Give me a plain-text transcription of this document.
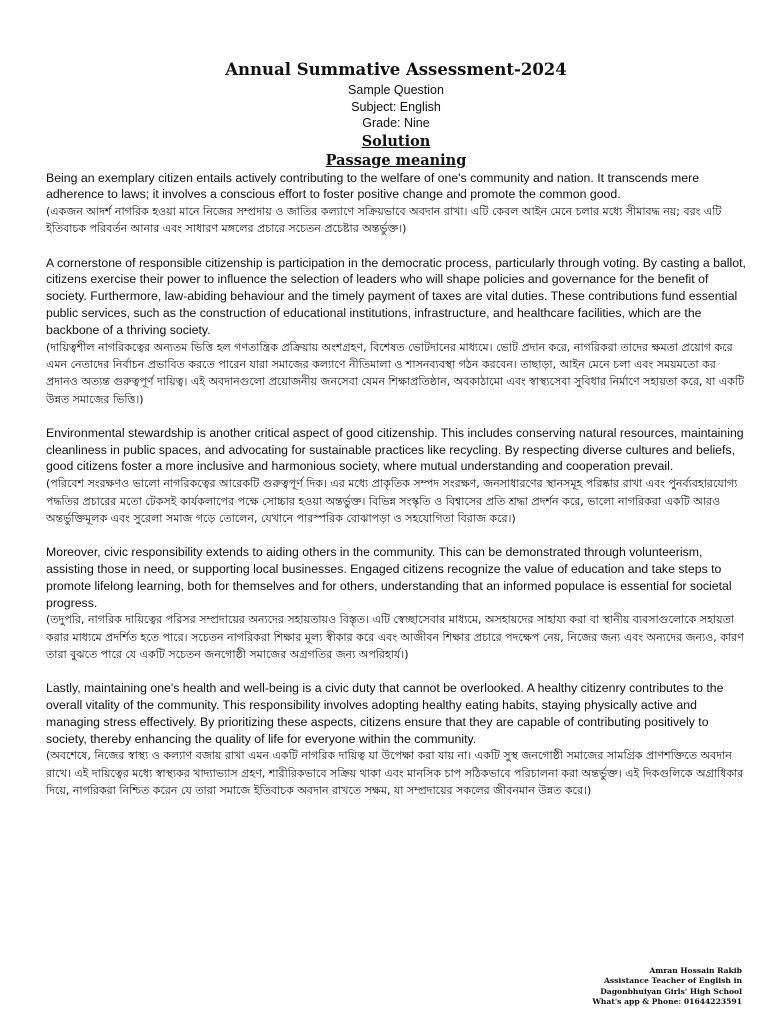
Annual Summative Assessment-2024
Sample Question
Subject: English
Grade: Nine
Solution
Passage meaning

Being an exemplary citizen entails actively contributing to the welfare of one's community and nation. It transcends mere adherence to laws; it involves a conscious effort to foster positive change and promote the common good.

(একজন আদর্শ নাগরিক হওয়া মানে নিজের সম্প্রদায় ও জাতির কল্যাণে সক্রিয়ভাবে অবদান রাখা। এটি কেবল আইন মেনে চলার মধ্যে সীমাবদ্ধ নয়; বরং এটি ইতিবাচক পরিবর্তন আনার এবং সাধারণ মঙ্গলের প্রচারে সচেতন প্রচেষ্টার অন্তর্ভুক্ত।)

A cornerstone of responsible citizenship is participation in the democratic process, particularly through voting. By casting a ballot, citizens exercise their power to influence the selection of leaders who will shape policies and governance for the benefit of society. Furthermore, law-abiding behaviour and the timely payment of taxes are vital duties. These contributions fund essential public services, such as the construction of educational institutions, infrastructure, and healthcare facilities, which are the backbone of a thriving society.

(দায়িত্বশীল নাগরিকত্বের অন্যতম ভিত্তি হল গণতান্ত্রিক প্রক্রিয়ায় অংশগ্রহণ, বিশেষত ভোটদানের মাধ্যমে। ভোট প্রদান করে, নাগরিকরা তাদের ক্ষমতা প্রয়োগ করে এমন নেতাদের নির্বাচন প্রভাবিত করতে পারেন যারা সমাজের কল্যাণে নীতিমালা ও শাসনব্যবস্থা গঠন করবেন। তাছাড়া, আইন মেনে চলা এবং সময়মতো কর প্রদানও অত্যন্ত গুরুত্বপূর্ণ দায়িত্ব। এই অবদানগুলো প্রয়োজনীয় জনসেবা যেমন শিক্ষাপ্রতিষ্ঠান, অবকাঠামো এবং স্বাস্থ্যসেবা সুবিধার নির্মাণে সহায়তা করে, যা একটি উন্নত সমাজের ভিত্তি।)

Environmental stewardship is another critical aspect of good citizenship. This includes conserving natural resources, maintaining cleanliness in public spaces, and advocating for sustainable practices like recycling. By respecting diverse cultures and beliefs, good citizens foster a more inclusive and harmonious society, where mutual understanding and cooperation prevail.

(পরিবেশ সংরক্ষণও ভালো নাগরিকত্বের আরেকটি গুরুত্বপূর্ণ দিক। এর মধ্যে প্রাকৃতিক সম্পদ সংরক্ষণ, জনসাধারণের স্থানসমূহ পরিষ্কার রাখা এবং পুনর্ব্যবহারযোগ্য পদ্ধতির প্রচারের মতো টেকসই কার্যকলাপের পক্ষে সোচ্চার হওয়া অন্তর্ভুক্ত। বিভিন্ন সংস্কৃতি ও বিশ্বাসের প্রতি শ্রদ্ধা প্রদর্শন করে, ভালো নাগরিকরা একটি আরও অন্তর্ভুক্তিমূলক এবং সুরেলা সমাজ গড়ে তোলেন, যেখানে পারস্পরিক বোঝাপড়া ও সহযোগিতা বিরাজ করে।)

Moreover, civic responsibility extends to aiding others in the community. This can be demonstrated through volunteerism, assisting those in need, or supporting local businesses. Engaged citizens recognize the value of education and take steps to promote lifelong learning, both for themselves and for others, understanding that an informed populace is essential for societal progress.

(তদুপরি, নাগরিক দায়িত্বের পরিসর সম্প্রদায়ের অন্যদের সহায়তায়ও বিস্তৃত। এটি স্বেচ্ছাসেবার মাধ্যমে, অসহায়দের সাহায্য করা বা স্থানীয় ব্যবসাগুলোকে সহায়তা করার মাধ্যমে প্রদর্শিত হতে পারে। সচেতন নাগরিকরা শিক্ষার মূল্য স্বীকার করে এবং আজীবন শিক্ষার প্রচারে পদক্ষেপ নেয়, নিজের জন্য এবং অন্যদের জন্যও, কারণ তারা বুঝতে পারে যে একটি সচেতন জনগোষ্ঠী সমাজের অগ্রগতির জন্য অপরিহার্য।)

Lastly, maintaining one's health and well-being is a civic duty that cannot be overlooked. A healthy citizenry contributes to the overall vitality of the community. This responsibility involves adopting healthy eating habits, staying physically active and managing stress effectively. By prioritizing these aspects, citizens ensure that they are capable of contributing positively to society, thereby enhancing the quality of life for everyone within the community.

(অবশেষে, নিজের স্বাস্থ্য ও কল্যাণ বজায় রাখা এমন একটি নাগরিক দায়িত্ব যা উপেক্ষা করা যায় না। একটি সুস্থ জনগোষ্ঠী সমাজের সামগ্রিক প্রাণশক্তিতে অবদান রাখে। এই দায়িত্বের মধ্যে স্বাস্থ্যকর খাদ্যাভ্যাস গ্রহণ, শারীরিকভাবে সক্রিয় থাকা এবং মানসিক চাপ সঠিকভাবে পরিচালনা করা অন্তর্ভুক্ত। এই দিকগুলিকে অগ্রাধিকার দিয়ে, নাগরিকরা নিশ্চিত করেন যে তারা সমাজে ইতিবাচক অবদান রাখতে সক্ষম, যা সম্প্রদায়ের সকলের জীবনমান উন্নত করে।)

Amran Hossain Rakib
Assistance Teacher of English in
Dagonbhuiyan Girls' High School
What's app & Phone: 01644223591
